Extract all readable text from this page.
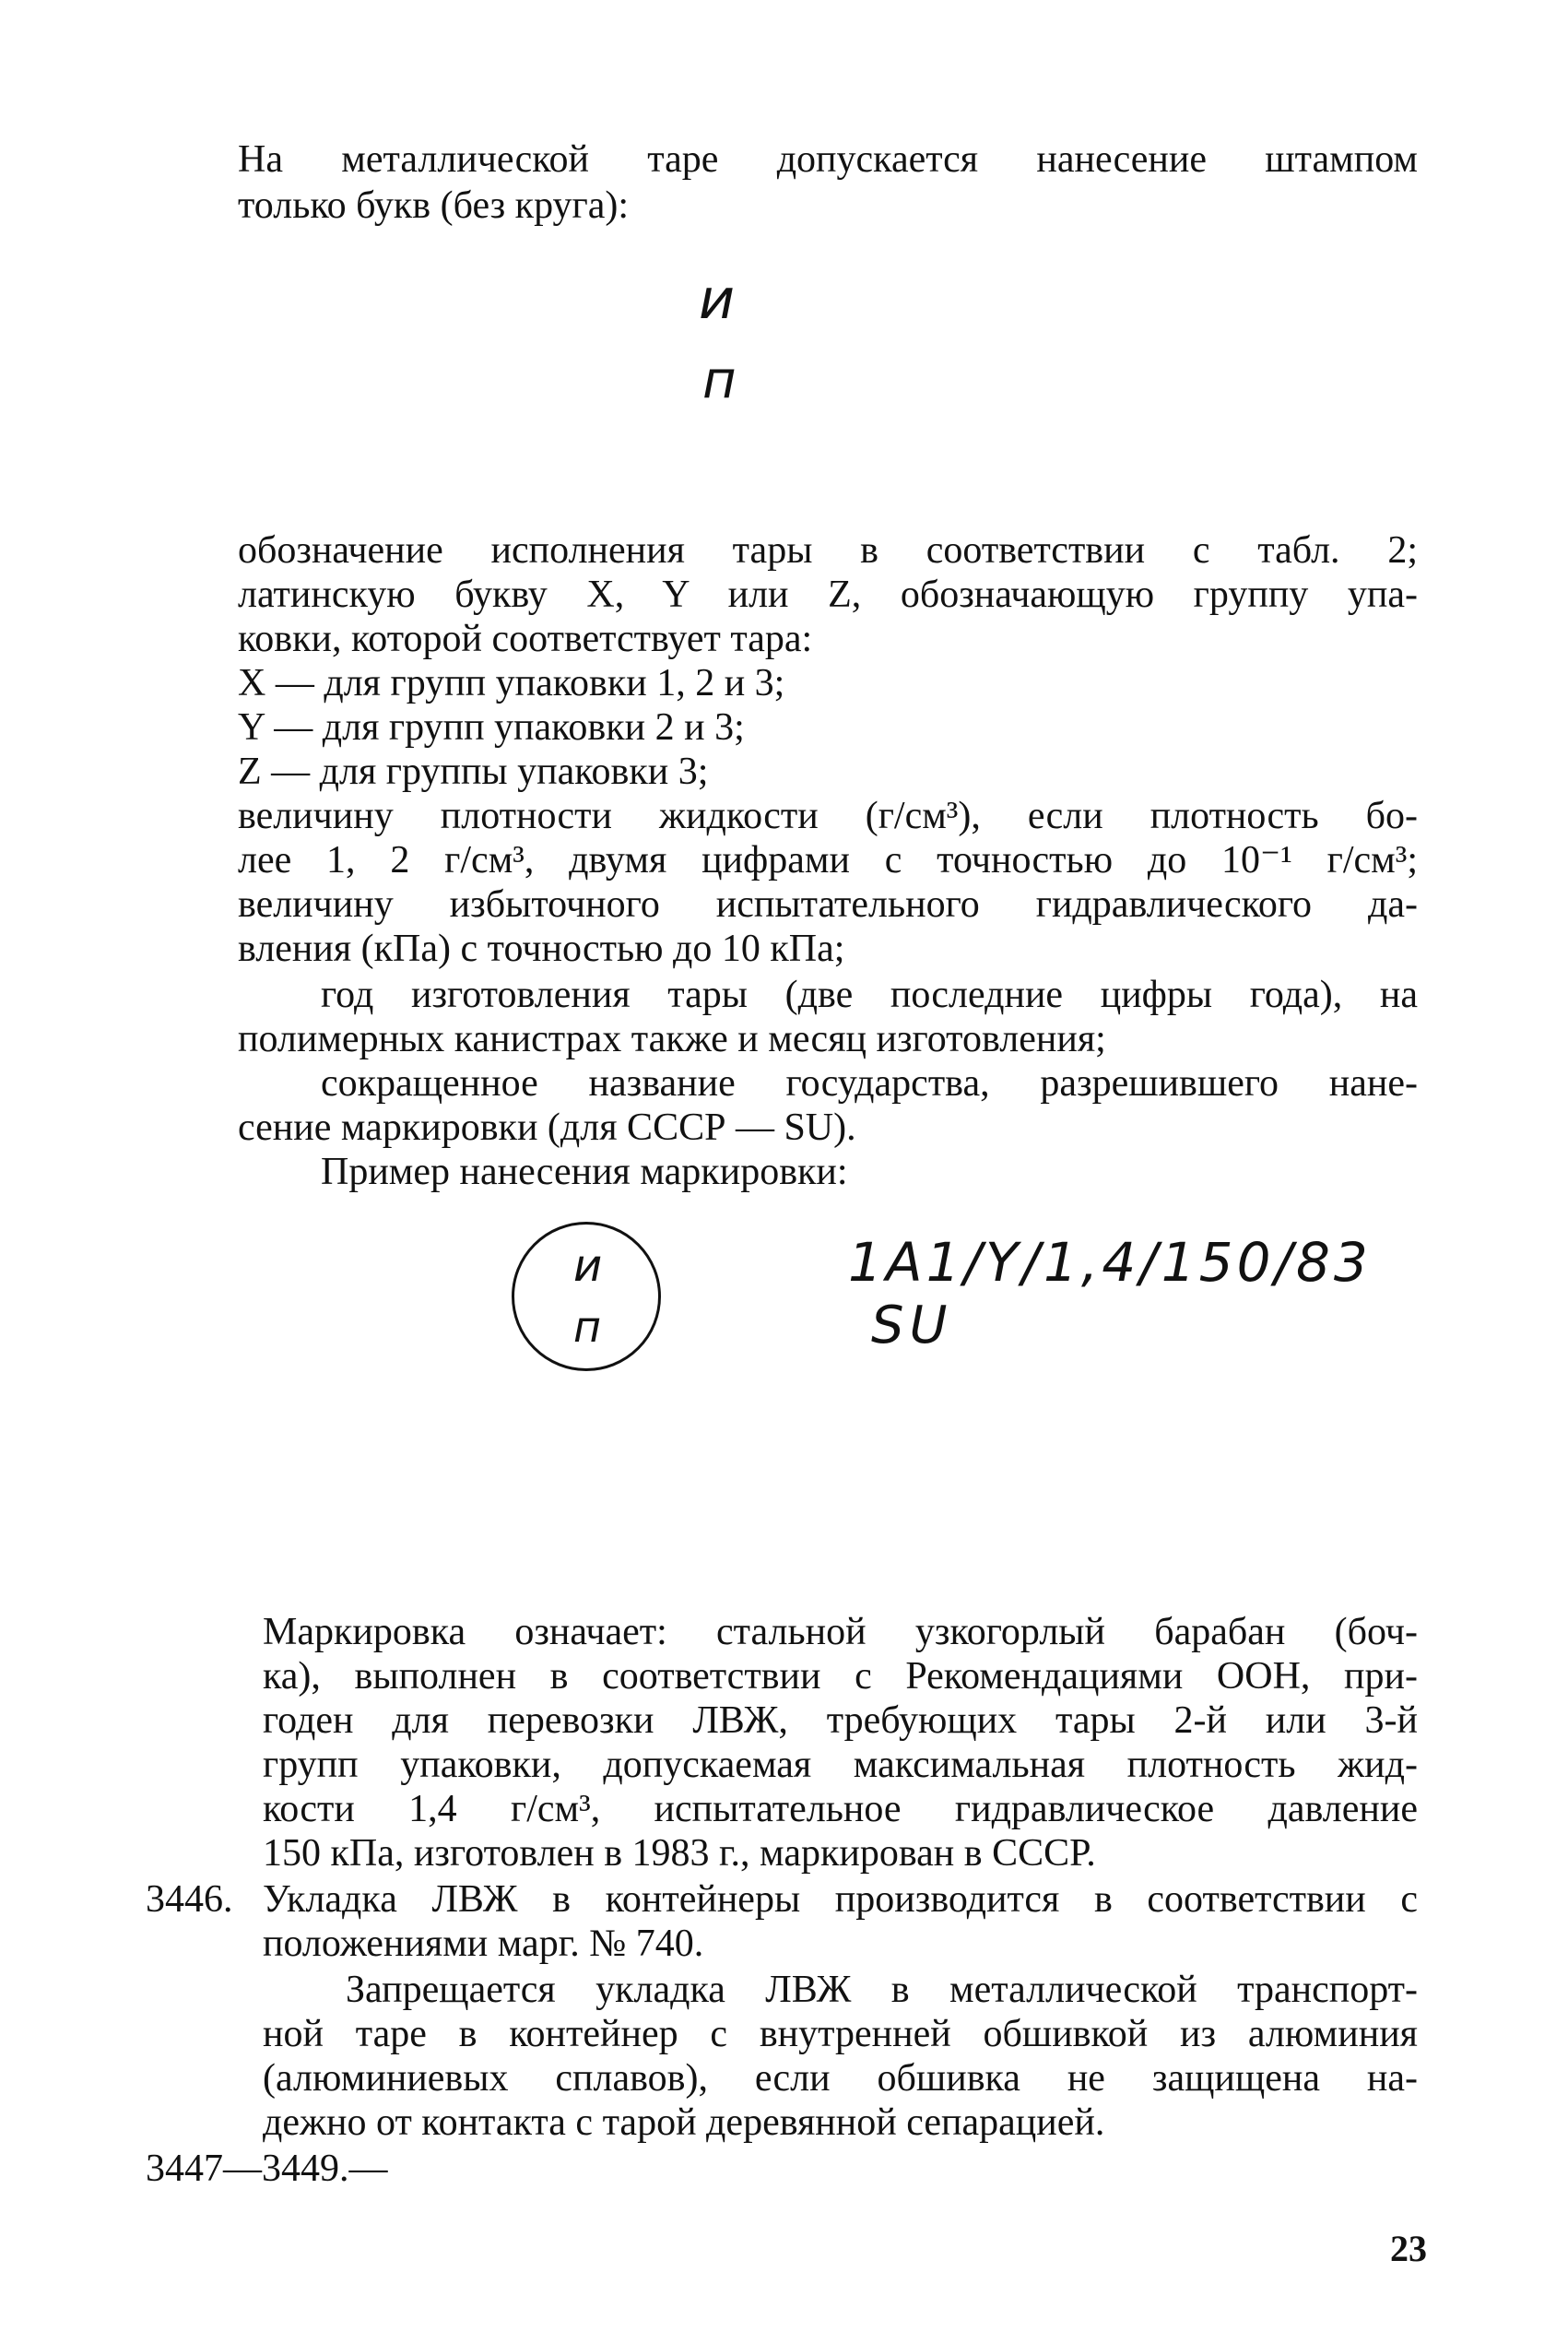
На металлической таре допускается нанесение штампом
только букв (без круга):
и
п
обозначение исполнения тары в соответствии с табл. 2;
латинскую букву X, Y или Z, обозначающую группу упа-
ковки, которой соответствует тара:
X — для групп упаковки 1, 2 и 3;
Y — для групп упаковки 2 и 3;
Z — для группы упаковки 3;
величину плотности жидкости (г/см³), если плотность бо-
лее 1, 2 г/см³, двумя цифрами с точностью до 10⁻¹ г/см³;
величину избыточного испытательного гидравлического да-
вления (кПа) с точностью до 10 кПа;
год изготовления тары (две последние цифры года), на
полимерных канистрах также и месяц изготовления;
сокращенное название государства, разрешившего нане-
сение маркировки (для СССР — SU).
Пример нанесения маркировки:
и
п
1A1/Y/1,4/150/83
SU
Маркировка означает: стальной узкогорлый барабан (боч-
ка), выполнен в соответствии с Рекомендациями ООН, при-
годен для перевозки ЛВЖ, требующих тары 2-й или 3-й
групп упаковки, допускаемая максимальная плотность жид-
кости 1,4 г/см³, испытательное гидравлическое давление
150 кПа, изготовлен в 1983 г., маркирован в СССР.
3446. Укладка ЛВЖ в контейнеры производится в соответствии с
положениями марг. № 740.
Запрещается укладка ЛВЖ в металлической транспорт-
ной таре в контейнер с внутренней обшивкой из алюминия
(алюминиевых сплавов), если обшивка не защищена на-
дежно от контакта с тарой деревянной сепарацией.
3447—3449.—
23
